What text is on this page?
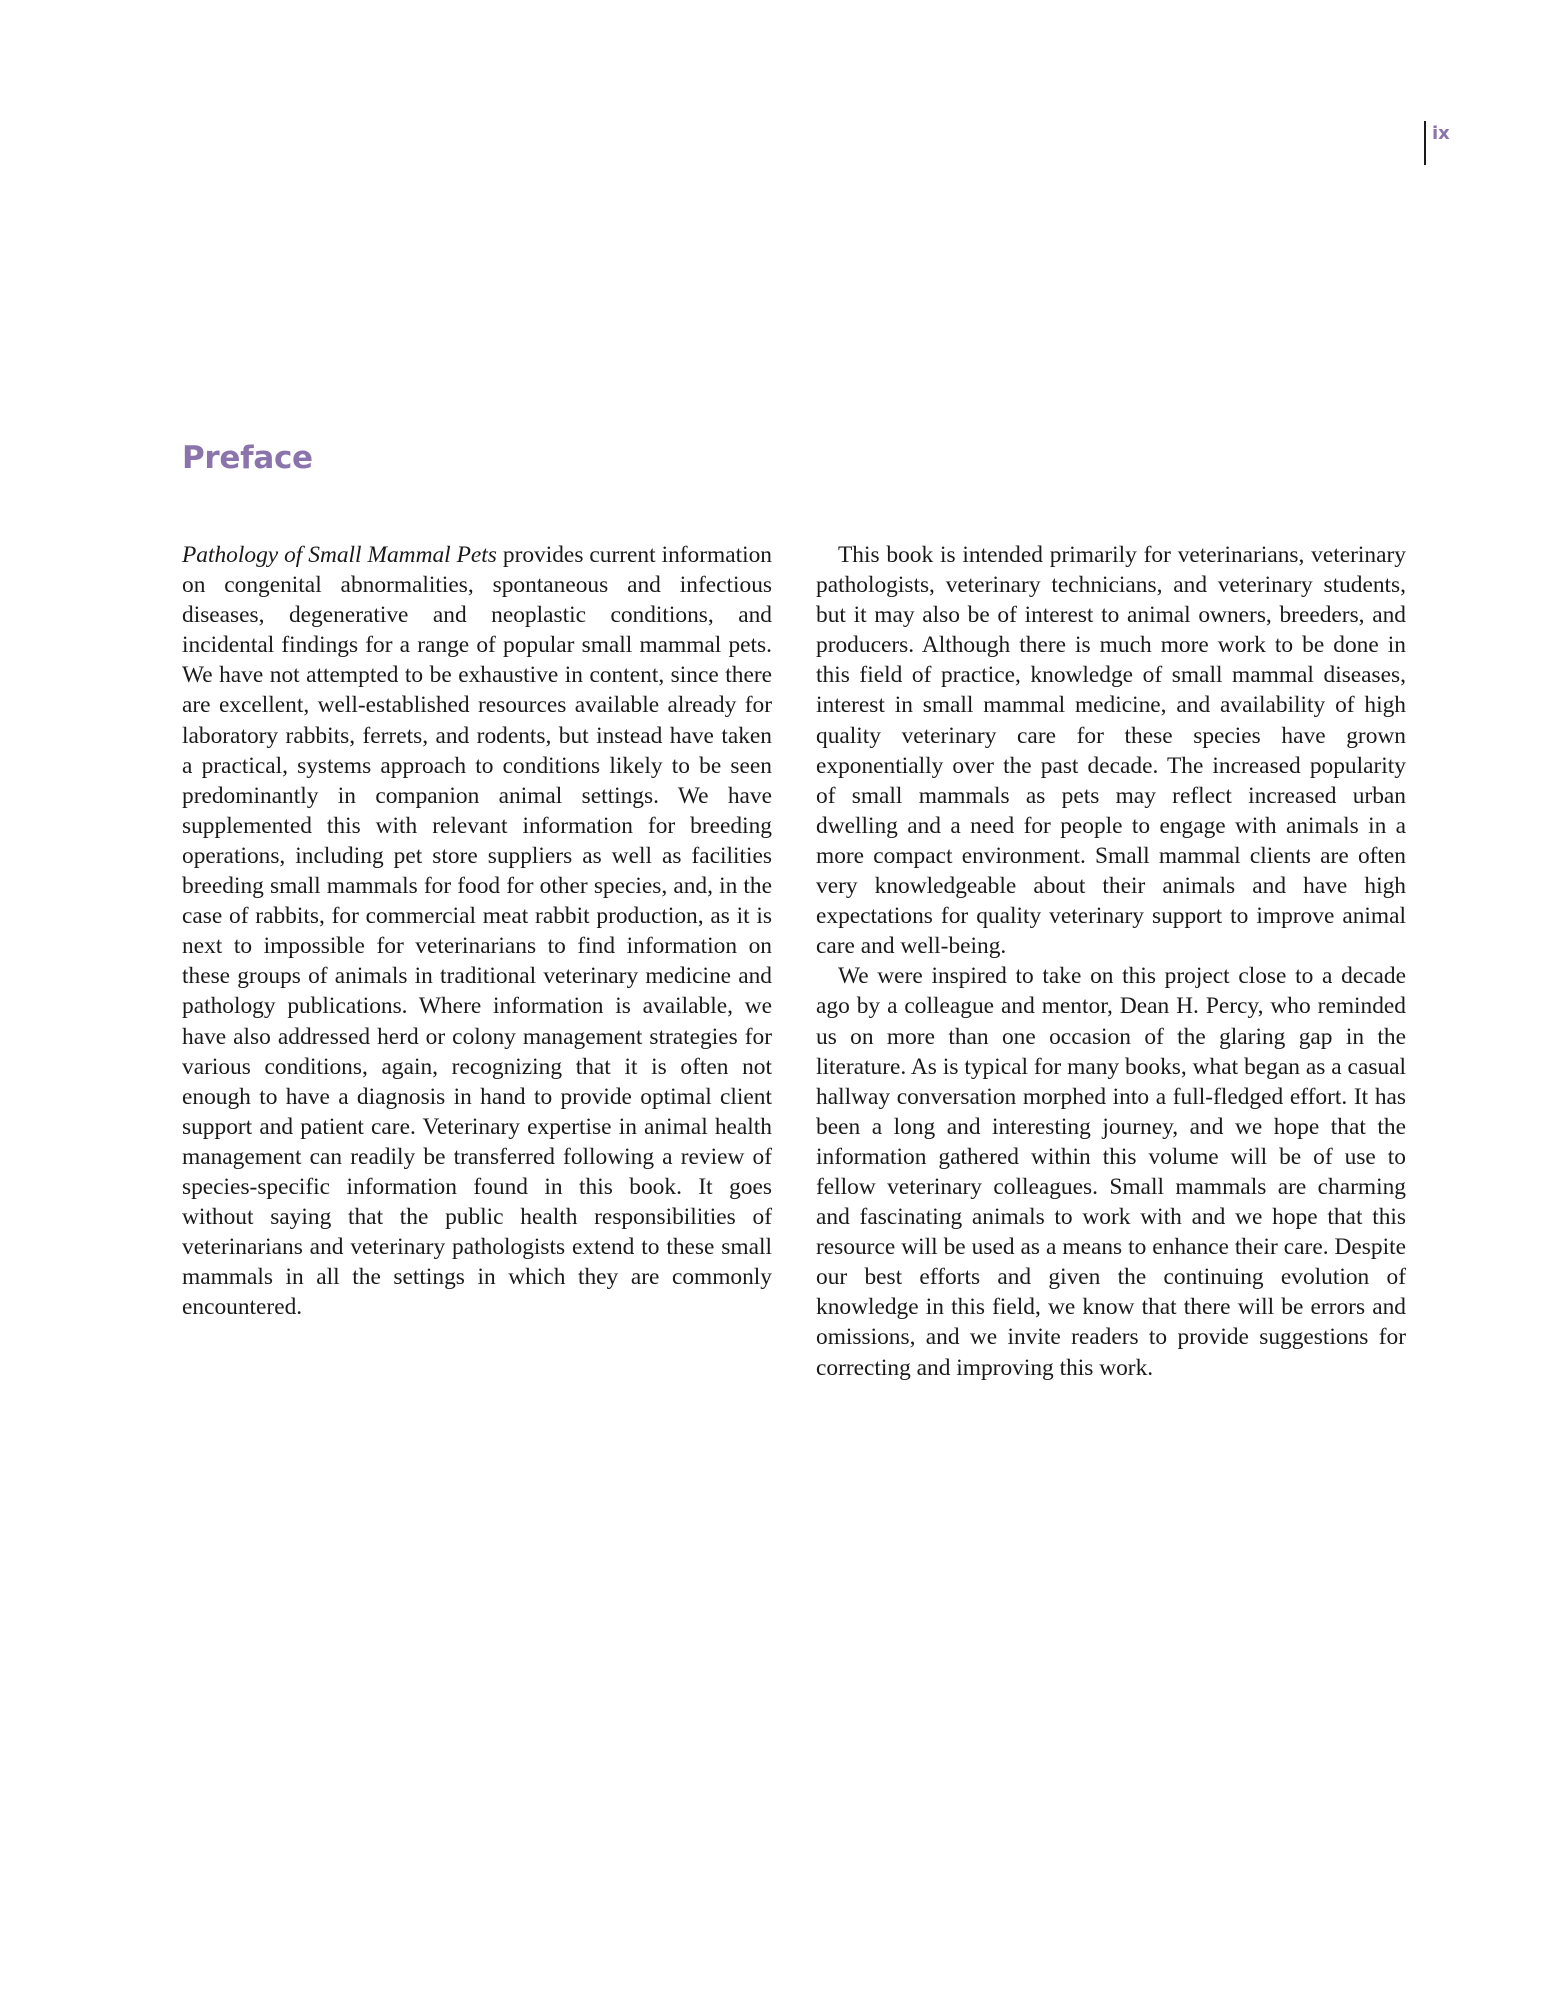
ix
Preface

Pathology of Small Mammal Pets provides current information on congenital abnormalities, spontaneous and infectious diseases, degenerative and neoplastic conditions, and incidental findings for a range of popular small mammal pets. We have not attempted to be exhaustive in content, since there are excellent, well-established resources available already for laboratory rabbits, ferrets, and rodents, but instead have taken a practical, systems approach to conditions likely to be seen predominantly in companion animal settings. We have supplemented this with relevant information for breeding operations, including pet store suppliers as well as facilities breeding small mammals for food for other species, and, in the case of rabbits, for commercial meat rabbit production, as it is next to impossible for veterinarians to find information on these groups of animals in traditional veterinary medicine and pathology publications. Where information is available, we have also addressed herd or colony management strategies for various conditions, again, recognizing that it is often not enough to have a diagnosis in hand to provide optimal client support and patient care. Veterinary expertise in animal health management can readily be transferred following a review of species-specific information found in this book. It goes without saying that the public health responsibilities of veterinarians and veterinary pathologists extend to these small mammals in all the settings in which they are commonly encountered.

This book is intended primarily for veterinarians, veterinary pathologists, veterinary technicians, and veterinary students, but it may also be of interest to animal owners, breeders, and producers. Although there is much more work to be done in this field of practice, knowledge of small mammal diseases, interest in small mammal medicine, and availability of high quality veterinary care for these species have grown exponentially over the past decade. The increased popularity of small mammals as pets may reflect increased urban dwelling and a need for people to engage with animals in a more compact environment. Small mammal clients are often very knowledgeable about their animals and have high expectations for quality veterinary support to improve animal care and well-being.

We were inspired to take on this project close to a decade ago by a colleague and mentor, Dean H. Percy, who reminded us on more than one occasion of the glaring gap in the literature. As is typical for many books, what began as a casual hallway conversation morphed into a full-fledged effort. It has been a long and interesting journey, and we hope that the information gathered within this volume will be of use to fellow veterinary colleagues. Small mammals are charming and fascinating animals to work with and we hope that this resource will be used as a means to enhance their care. Despite our best efforts and given the continuing evolution of knowledge in this field, we know that there will be errors and omissions, and we invite readers to provide suggestions for correcting and improving this work.
